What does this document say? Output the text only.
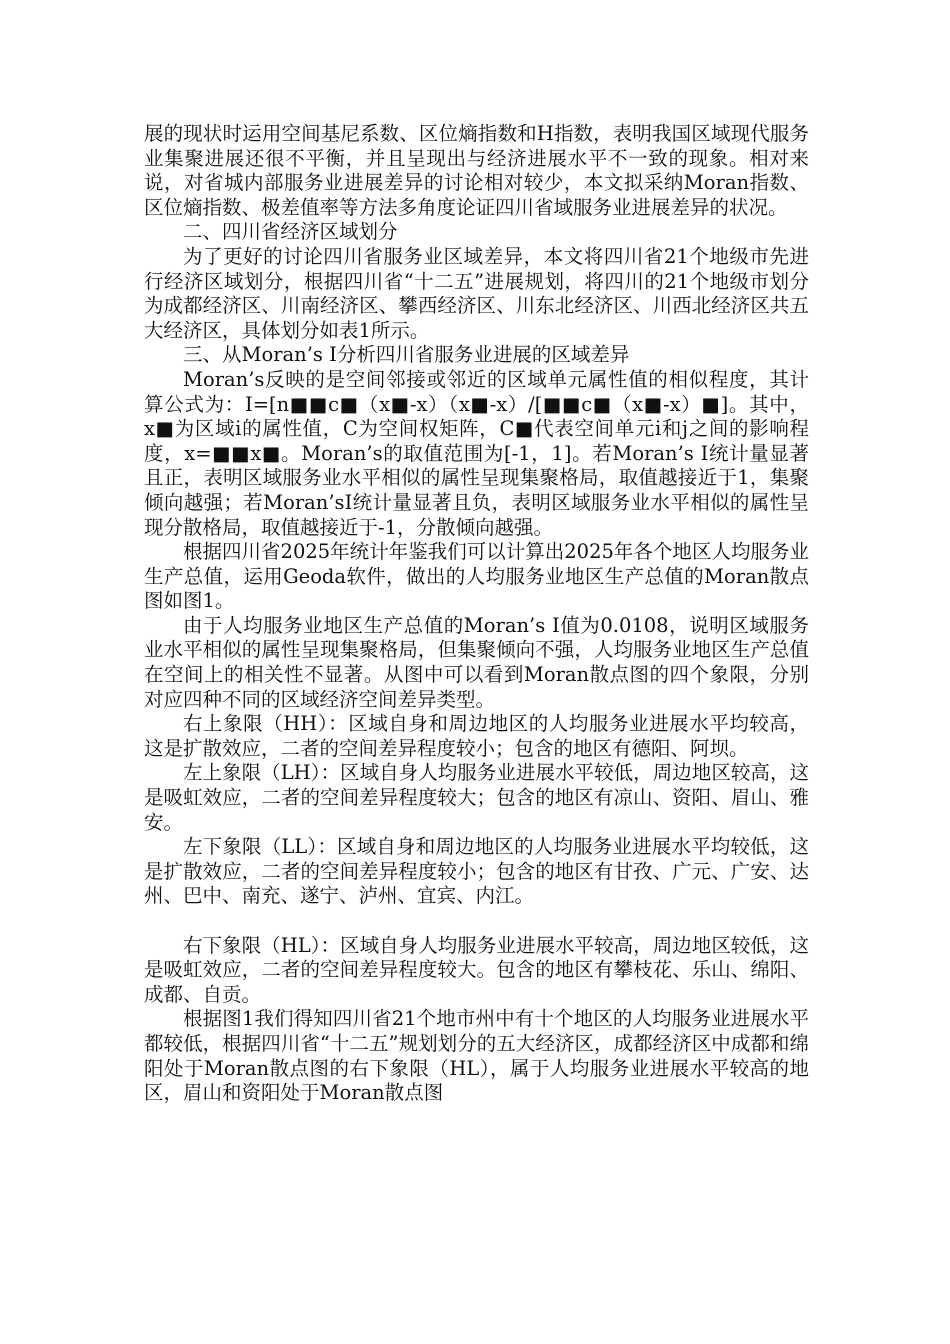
展的现状时运用空间基尼系数、区位熵指数和H指数，表明我国区域现代服务业集聚进展还很不平衡，并且呈现出与经济进展水平不一致的现象。相对来说，对省城内部服务业进展差异的讨论相对较少，本文拟采纳Moran指数、区位熵指数、极差值率等方法多角度论证四川省域服务业进展差异的状况。

二、四川省经济区域划分

为了更好的讨论四川省服务业区域差异，本文将四川省21个地级市先进行经济区域划分，根据四川省“十二五”进展规划，将四川的21个地级市划分为成都经济区、川南经济区、攀西经济区、川东北经济区、川西北经济区共五大经济区，具体划分如表1所示。

三、从Moran’s I分析四川省服务业进展的区域差异

Moran’s反映的是空间邻接或邻近的区域单元属性值的相似程度，其计算公式为：I=[n■■c■（x■-x）（x■-x）/[■■c■（x■-x）■]。其中，x■为区域i的属性值，C为空间权矩阵，C■代表空间单元i和j之间的影响程度，x=■■x■。Moran’s的取值范围为[-1，1]。若Moran’s I统计量显著且正，表明区域服务业水平相似的属性呈现集聚格局，取值越接近于1，集聚倾向越强；若Moran’sI统计量显著且负，表明区域服务业水平相似的属性呈现分散格局，取值越接近于-1，分散倾向越强。

根据四川省2025年统计年鉴我们可以计算出2025年各个地区人均服务业生产总值，运用Geoda软件，做出的人均服务业地区生产总值的Moran散点图如图1。

由于人均服务业地区生产总值的Moran’s I值为0.0108，说明区域服务业水平相似的属性呈现集聚格局，但集聚倾向不强，人均服务业地区生产总值在空间上的相关性不显著。从图中可以看到Moran散点图的四个象限，分别对应四种不同的区域经济空间差异类型。

右上象限（HH）：区域自身和周边地区的人均服务业进展水平均较高，这是扩散效应，二者的空间差异程度较小；包含的地区有德阳、阿坝。

左上象限（LH）：区域自身人均服务业进展水平较低，周边地区较高，这是吸虹效应，二者的空间差异程度较大；包含的地区有凉山、资阳、眉山、雅安。

左下象限（LL）：区域自身和周边地区的人均服务业进展水平均较低，这是扩散效应，二者的空间差异程度较小；包含的地区有甘孜、广元、广安、达州、巴中、南充、遂宁、泸州、宜宾、内江。

右下象限（HL）：区域自身人均服务业进展水平较高，周边地区较低，这是吸虹效应，二者的空间差异程度较大。包含的地区有攀枝花、乐山、绵阳、成都、自贡。

根据图1我们得知四川省21个地市州中有十个地区的人均服务业进展水平都较低，根据四川省“十二五”规划划分的五大经济区，成都经济区中成都和绵阳处于Moran散点图的右下象限（HL），属于人均服务业进展水平较高的地区，眉山和资阳处于Moran散点图
